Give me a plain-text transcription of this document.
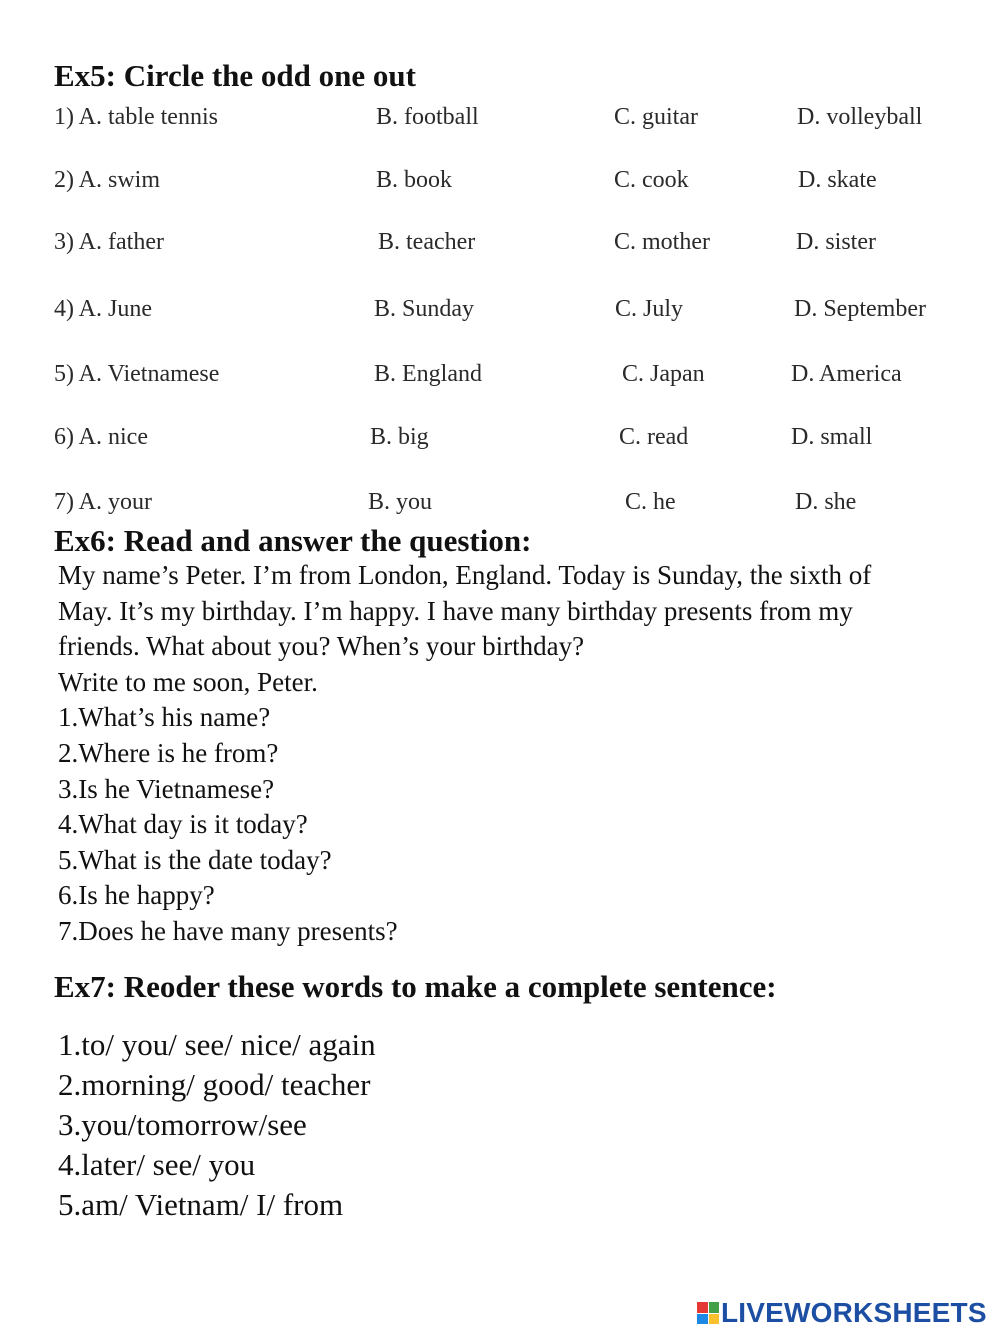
Ex5: Circle the odd one out
1) A. table tennis	B. football	C. guitar	D. volleyball
2) A. swim	B. book	C. cook	D. skate
3) A. father	B. teacher	C. mother	D. sister
4) A. June	B. Sunday	C. July	D. September
5) A. Vietnamese	B. England	C. Japan	D. America
6) A. nice	B. big	C. read	D. small
7) A. your	B. you	C. he	D. she
Ex6: Read and answer the question:
My name’s Peter. I’m from London, England. Today is Sunday, the sixth of
May. It’s my birthday. I’m happy. I have many birthday presents from my
friends. What about you? When’s your birthday?
Write to me soon, Peter.
1.What’s his name?
2.Where is he from?
3.Is he Vietnamese?
4.What day is it today?
5.What is the date today?
6.Is he happy?
7.Does he have many presents?
Ex7: Reoder these words to make a complete sentence:
1.to/ you/ see/ nice/ again
2.morning/ good/ teacher
3.you/tomorrow/see
4.later/ see/ you
5.am/ Vietnam/ I/ from
LIVEWORKSHEETS
